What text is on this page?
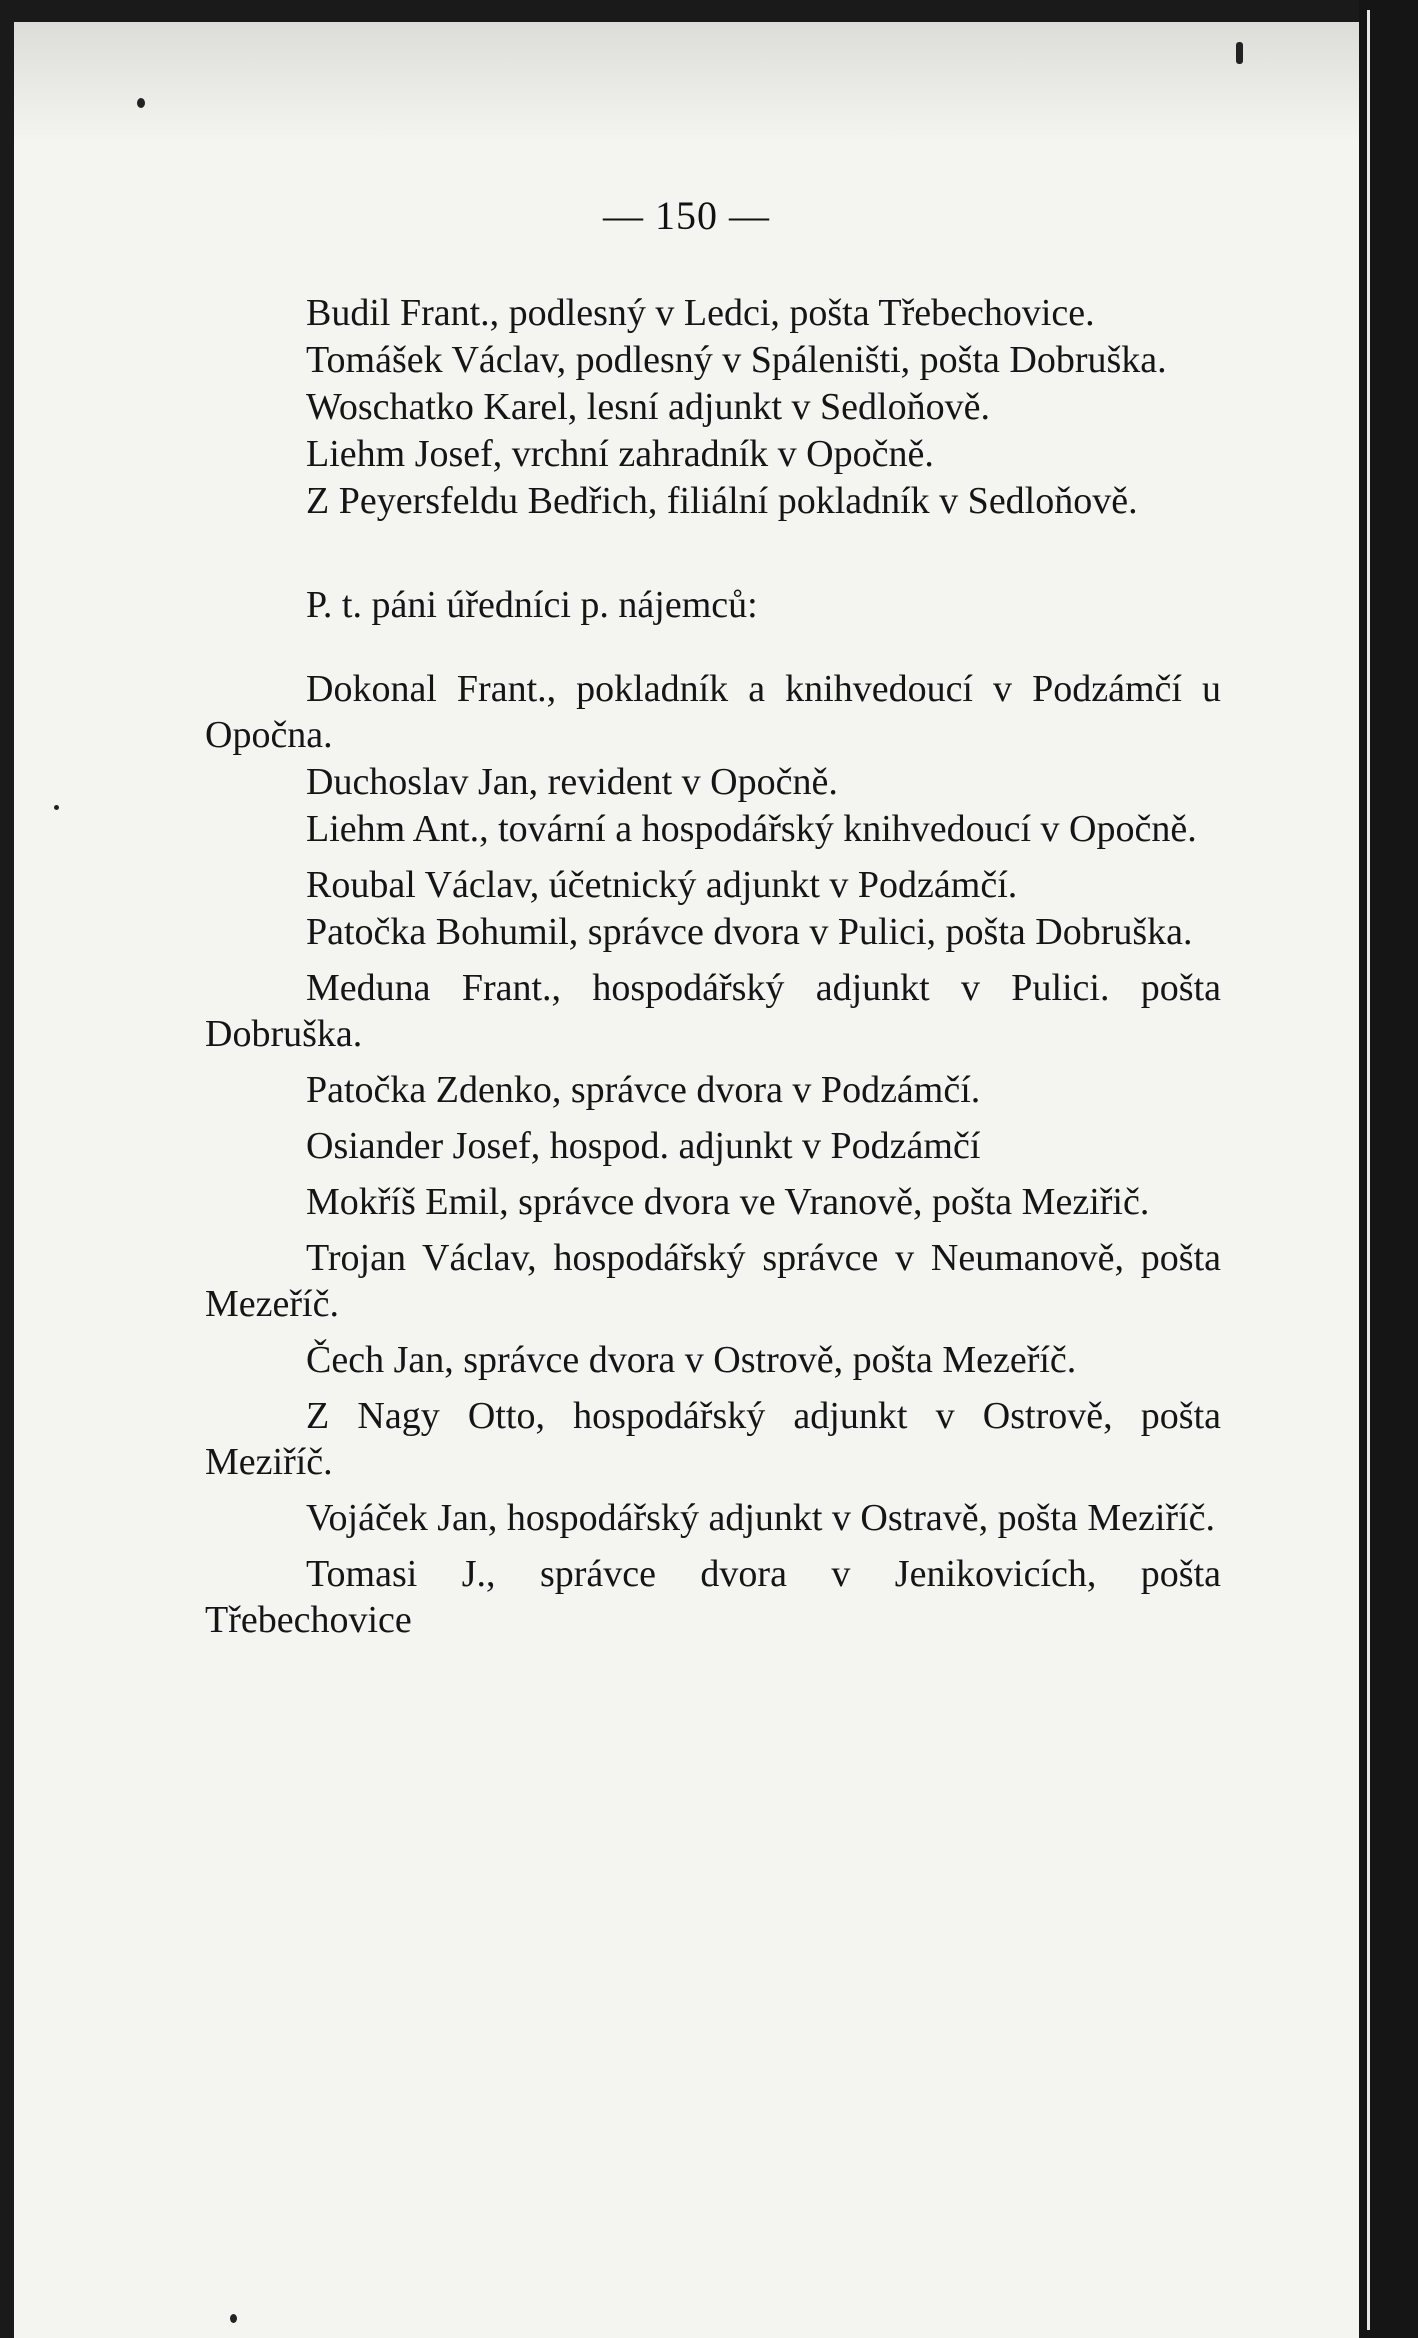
— 150 —

Budil Frant., podlesný v Ledci, pošta Třebechovice.

Tomášek Václav, podlesný v Spáleništi, pošta Dobruška.

Woschatko Karel, lesní adjunkt v Sedloňově.

Liehm Josef, vrchní zahradník v Opočně.

Z Peyersfeldu Bedřich, filiální pokladník v Sedloňově.

P. t. páni úředníci p. nájemců:

Dokonal Frant., pokladník a knihvedoucí v Podzámčí u Opočna.

Duchoslav Jan, revident v Opočně.

Liehm Ant., tovární a hospodářský knihvedoucí v Opočně.

Roubal Václav, účetnický adjunkt v Podzámčí.

Patočka Bohumil, správce dvora v Pulici, pošta Dobruška.

Meduna Frant., hospodářský adjunkt v Pulici. pošta Dobruška.

Patočka Zdenko, správce dvora v Podzámčí.

Osiander Josef, hospod. adjunkt v Podzámčí

Mokříš Emil, správce dvora ve Vranově, pošta Meziřič.

Trojan Václav, hospodářský správce v Neumanově, pošta Mezeříč.

Čech Jan, správce dvora v Ostrově, pošta Mezeříč.

Z Nagy Otto, hospodářský adjunkt v Ostrově, pošta Meziříč.

Vojáček Jan, hospodářský adjunkt v Ostravě, pošta Meziříč.

Tomasi J., správce dvora v Jenikovicích, pošta Třebechovice
